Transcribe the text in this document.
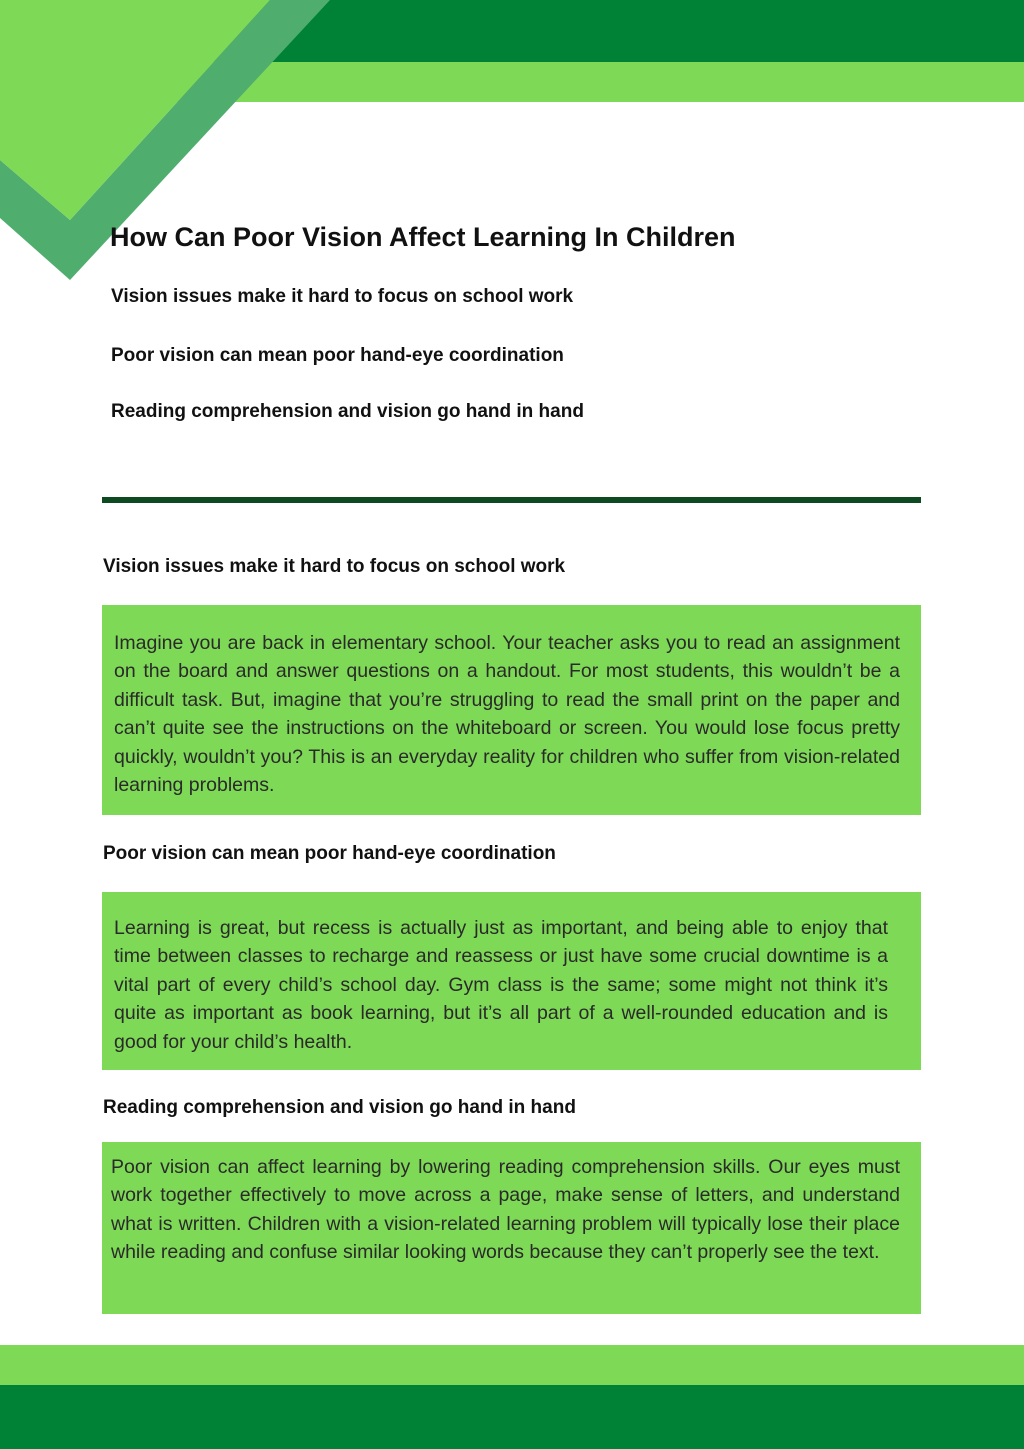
How Can Poor Vision Affect Learning In Children
Vision issues make it hard to focus on school work
Poor vision can mean poor hand-eye coordination
Reading comprehension and vision go hand in hand
Vision issues make it hard to focus on school work

Imagine you are back in elementary school. Your teacher asks you to read an assignment on the board and answer questions on a handout. For most students, this wouldn’t be a difficult task. But, imagine that you’re struggling to read the small print on the paper and can’t quite see the instructions on the whiteboard or screen. You would lose focus pretty quickly, wouldn’t you? This is an everyday reality for children who suffer from vision-related learning problems.

Poor vision can mean poor hand-eye coordination

Learning is great, but recess is actually just as important, and being able to enjoy that time between classes to recharge and reassess or just have some crucial downtime is a vital part of every child’s school day. Gym class is the same; some might not think it’s quite as important as book learning, but it’s all part of a well-rounded education and is good for your child’s health.

Reading comprehension and vision go hand in hand

Poor vision can affect learning by lowering reading comprehension skills. Our eyes must work together effectively to move across a page, make sense of letters, and understand what is written. Children with a vision-related learning problem will typically lose their place while reading and confuse similar looking words because they can’t properly see the text.
